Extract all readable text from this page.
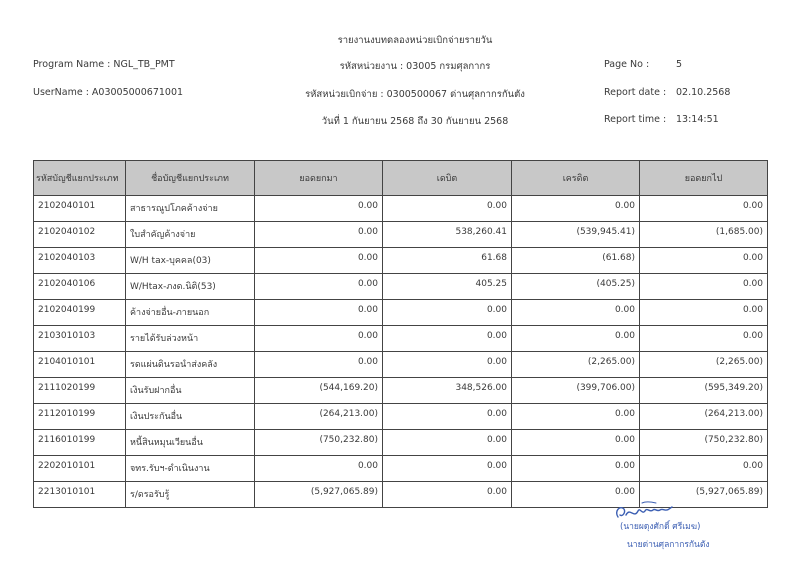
รายงานงบทดลองหน่วยเบิกจ่ายรายวัน
Program Name : NGL_TB_PMT
UserName : A03005000671001
รหัสหน่วยงาน : 03005 กรมศุลกากร
รหัสหน่วยเบิกจ่าย : 0300500067 ด่านศุลกากรกันตัง
วันที่ 1 กันยายน 2568 ถึง 30 กันยายน 2568
Page No :	5
Report date : 02.10.2568
Report time : 13:14:51
รหัสบัญชีแยกประเภท	ชื่อบัญชีแยกประเภท	ยอดยกมา	เดบิต	เครดิต	ยอดยกไป
2102040101	สาธารณูปโภคค้างจ่าย	0.00	0.00	0.00	0.00
2102040102	ใบสำคัญค้างจ่าย	0.00	538,260.41	(539,945.41)	(1,685.00)
2102040103	W/H tax-บุคคล(03)	0.00	61.68	(61.68)	0.00
2102040106	W/Htax-ภงด.นิติ(53)	0.00	405.25	(405.25)	0.00
2102040199	ค้างจ่ายอื่น-ภายนอก	0.00	0.00	0.00	0.00
2103010103	รายได้รับล่วงหน้า	0.00	0.00	0.00	0.00
2104010101	รดแผ่นดินรอนำส่งคลัง	0.00	0.00	(2,265.00)	(2,265.00)
2111020199	เงินรับฝากอื่น	(544,169.20)	348,526.00	(399,706.00)	(595,349.20)
2112010199	เงินประกันอื่น	(264,213.00)	0.00	0.00	(264,213.00)
2116010199	หนี้สินหมุนเวียนอื่น	(750,232.80)	0.00	0.00	(750,232.80)
2202010101	จทร.รับฯ-ดำเนินงาน	0.00	0.00	0.00	0.00
2213010101	ร/ดรอรับรู้	(5,927,065.89)	0.00	0.00	(5,927,065.89)
(นายผดุงศักดิ์ ศรีเมฆ)
นายด่านศุลกากรกันตัง
